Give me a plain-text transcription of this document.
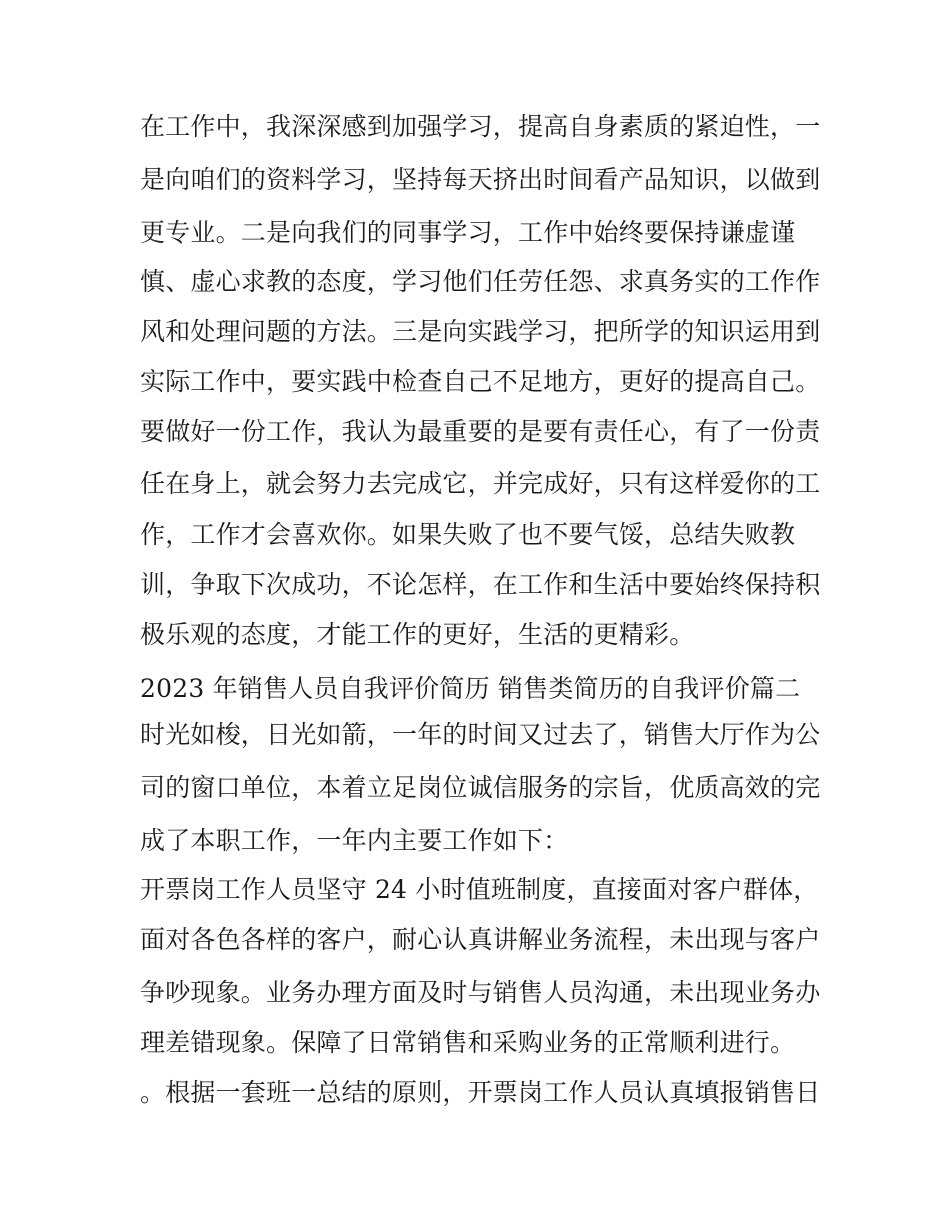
在工作中，我深深感到加强学习，提高自身素质的紧迫性，一
是向咱们的资料学习，坚持每天挤出时间看产品知识，以做到
更专业。二是向我们的同事学习，工作中始终要保持谦虚谨
慎、虚心求教的态度，学习他们任劳任怨、求真务实的工作作
风和处理问题的方法。三是向实践学习，把所学的知识运用到
实际工作中，要实践中检查自己不足地方，更好的提高自己。
要做好一份工作，我认为最重要的是要有责任心，有了一份责
任在身上，就会努力去完成它，并完成好，只有这样爱你的工
作，工作才会喜欢你。如果失败了也不要气馁，总结失败教
训，争取下次成功，不论怎样，在工作和生活中要始终保持积
极乐观的态度，才能工作的更好，生活的更精彩。
2023 年销售人员自我评价简历 销售类简历的自我评价篇二
时光如梭，日光如箭，一年的时间又过去了，销售大厅作为公
司的窗口单位，本着立足岗位诚信服务的宗旨，优质高效的完
成了本职工作，一年内主要工作如下：
开票岗工作人员坚守 24 小时值班制度，直接面对客户群体，
面对各色各样的客户，耐心认真讲解业务流程，未出现与客户
争吵现象。业务办理方面及时与销售人员沟通，未出现业务办
理差错现象。保障了日常销售和采购业务的正常顺利进行。
。根据一套班一总结的原则，开票岗工作人员认真填报销售日
